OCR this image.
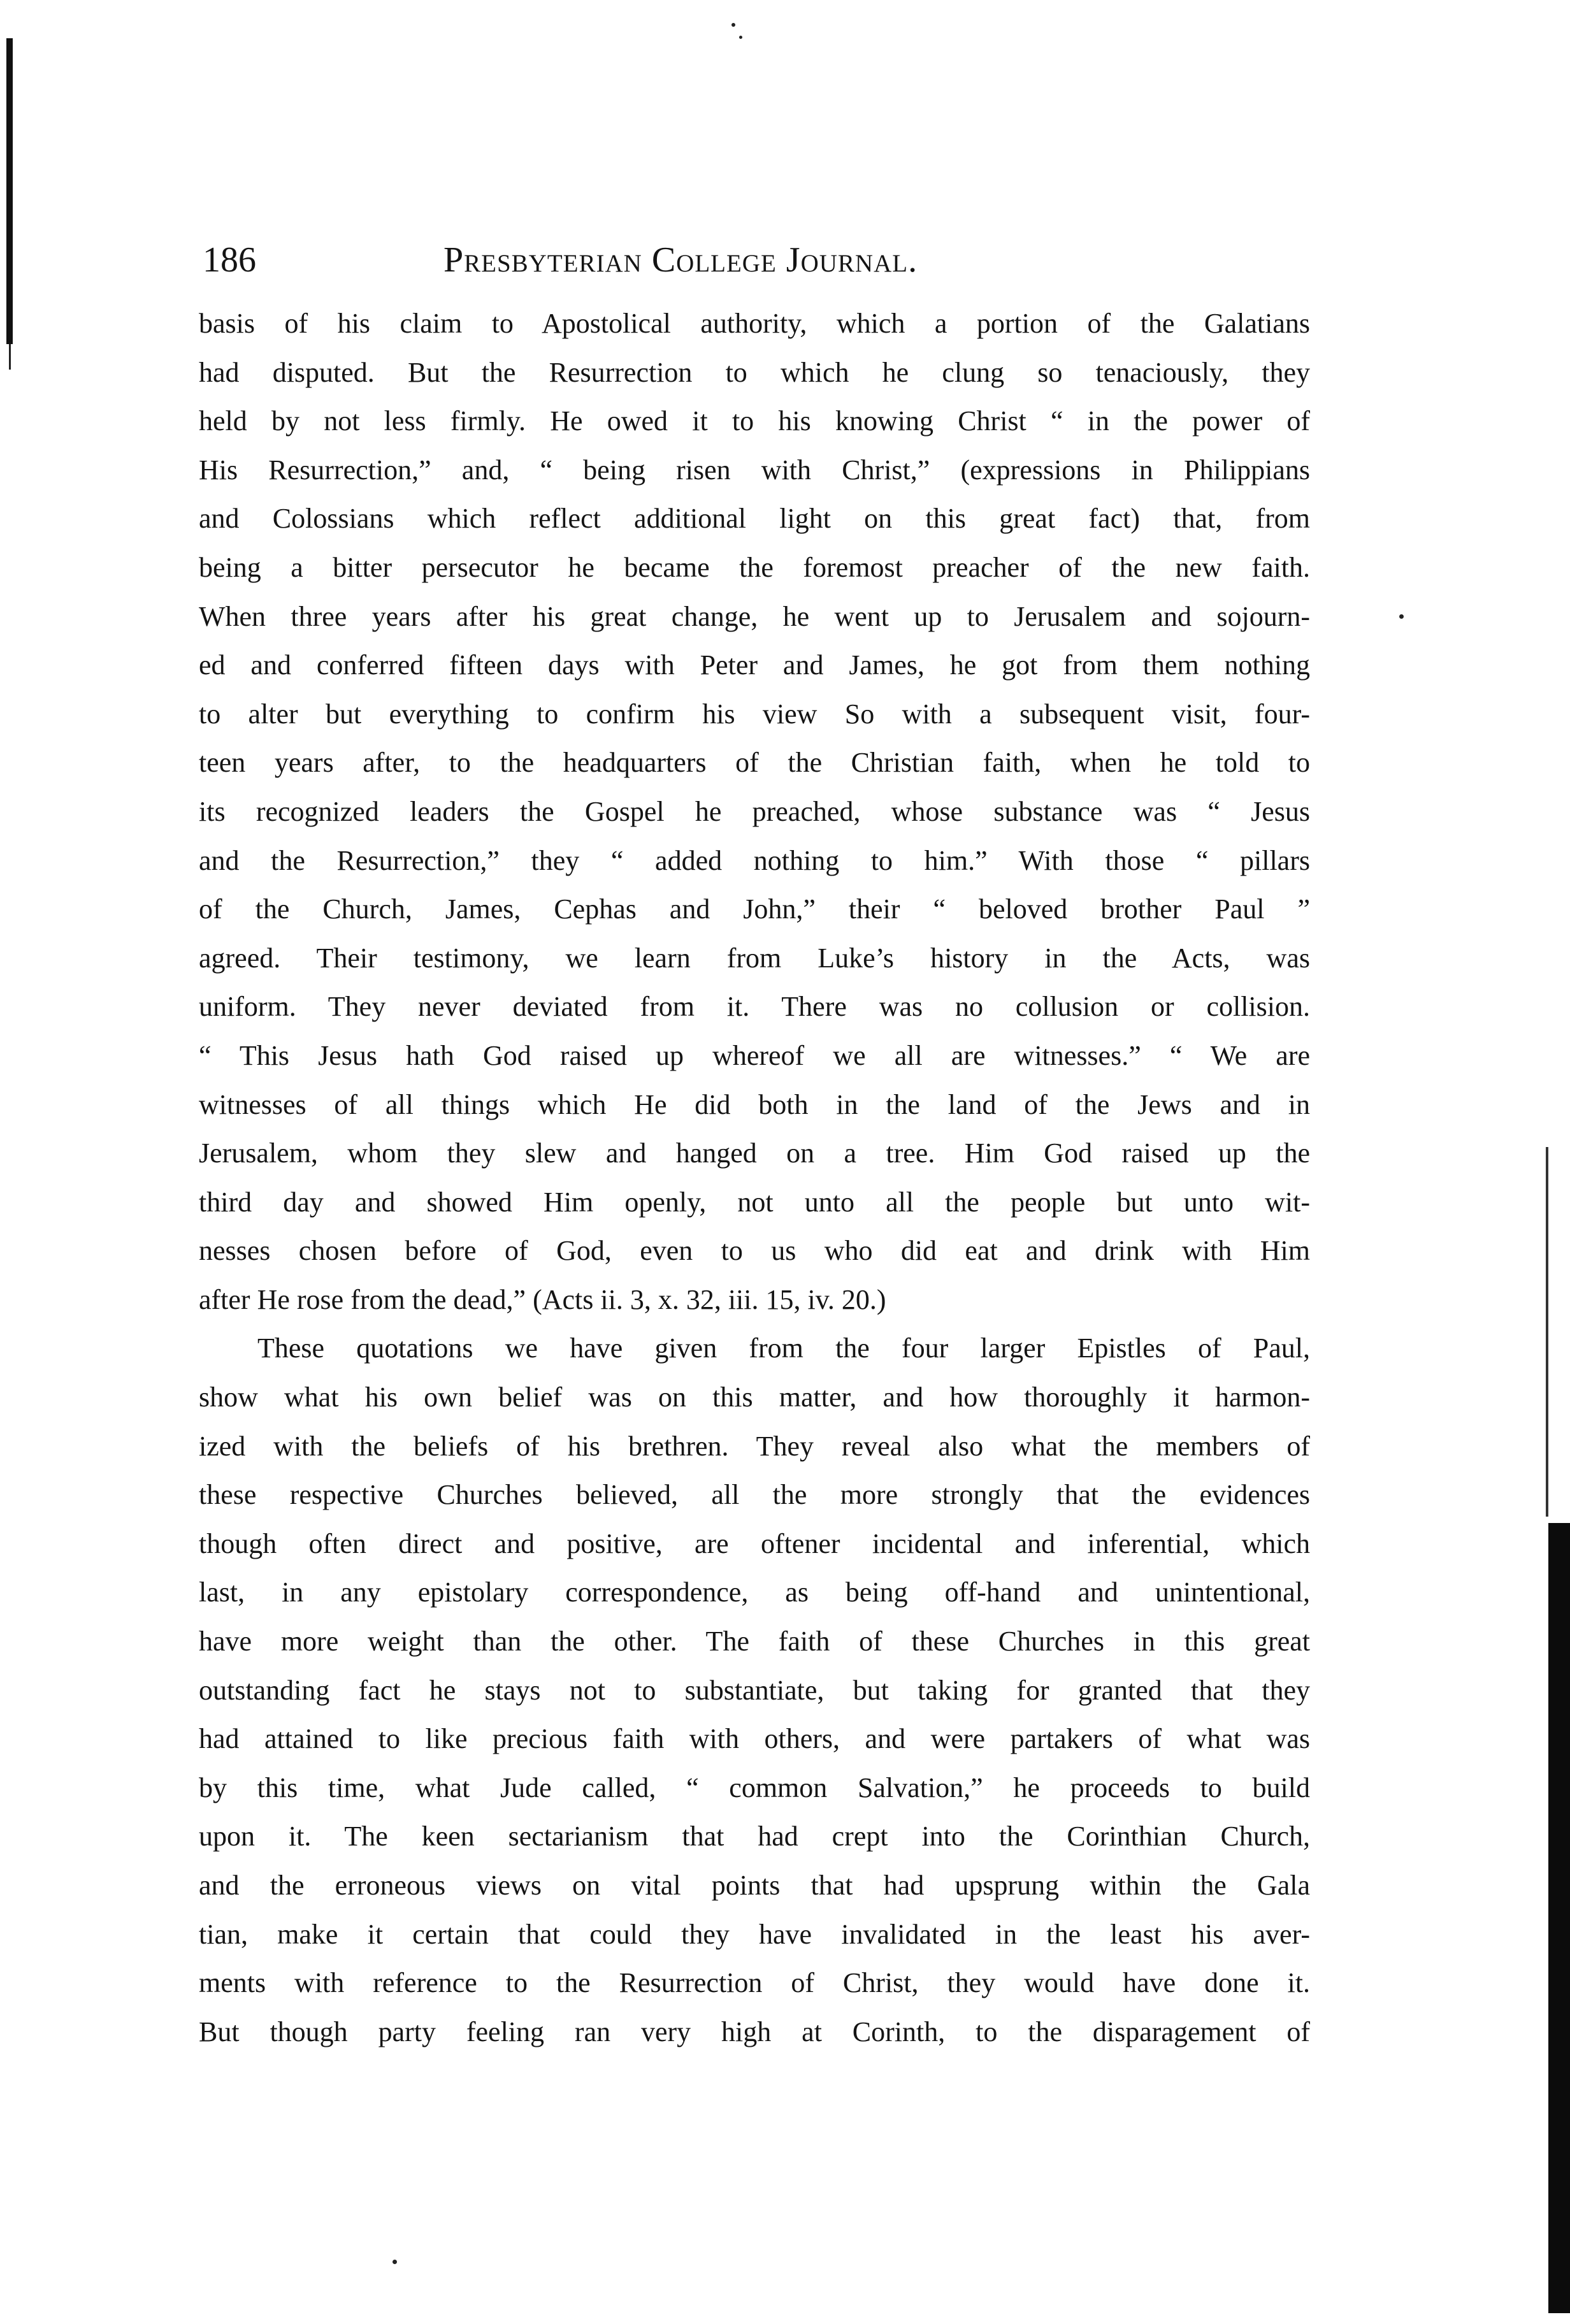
186	Presbyterian College Journal.
basis of his claim to Apostolical authority, which a portion of the Galatians
had disputed. But the Resurrection to which he clung so tenaciously, they
held by not less firmly. He owed it to his knowing Christ “ in the power of
His Resurrection,” and, “ being risen with Christ,” (expressions in Philippians
and Colossians which reflect additional light on this great fact) that, from
being a bitter persecutor he became the foremost preacher of the new faith.
When three years after his great change, he went up to Jerusalem and sojourn-
ed and conferred fifteen days with Peter and James, he got from them nothing
to alter but everything to confirm his view So with a subsequent visit, four-
teen years after, to the headquarters of the Christian faith, when he told to
its recognized leaders the Gospel he preached, whose substance was “ Jesus
and the Resurrection,” they “ added nothing to him.” With those “ pillars
of the Church, James, Cephas and John,” their “ beloved brother Paul ”
agreed. Their testimony, we learn from Luke’s history in the Acts, was
uniform. They never deviated from it. There was no collusion or collision.
“ This Jesus hath God raised up whereof we all are witnesses.” “ We are
witnesses of all things which He did both in the land of the Jews and in
Jerusalem, whom they slew and hanged on a tree. Him God raised up the
third day and showed Him openly, not unto all the people but unto wit-
nesses chosen before of God, even to us who did eat and drink with Him
after He rose from the dead,” (Acts ii. 3, x. 32, iii. 15, iv. 20.)
These quotations we have given from the four larger Epistles of Paul,
show what his own belief was on this matter, and how thoroughly it harmon-
ized with the beliefs of his brethren. They reveal also what the members of
these respective Churches believed, all the more strongly that the evidences
though often direct and positive, are oftener incidental and inferential, which
last, in any epistolary correspondence, as being off-hand and unintentional,
have more weight than the other. The faith of these Churches in this great
outstanding fact he stays not to substantiate, but taking for granted that they
had attained to like precious faith with others, and were partakers of what was
by this time, what Jude called, “ common Salvation,” he proceeds to build
upon it. The keen sectarianism that had crept into the Corinthian Church,
and the erroneous views on vital points that had upsprung within the Gala
tian, make it certain that could they have invalidated in the least his aver-
ments with reference to the Resurrection of Christ, they would have done it.
But though party feeling ran very high at Corinth, to the disparagement of
